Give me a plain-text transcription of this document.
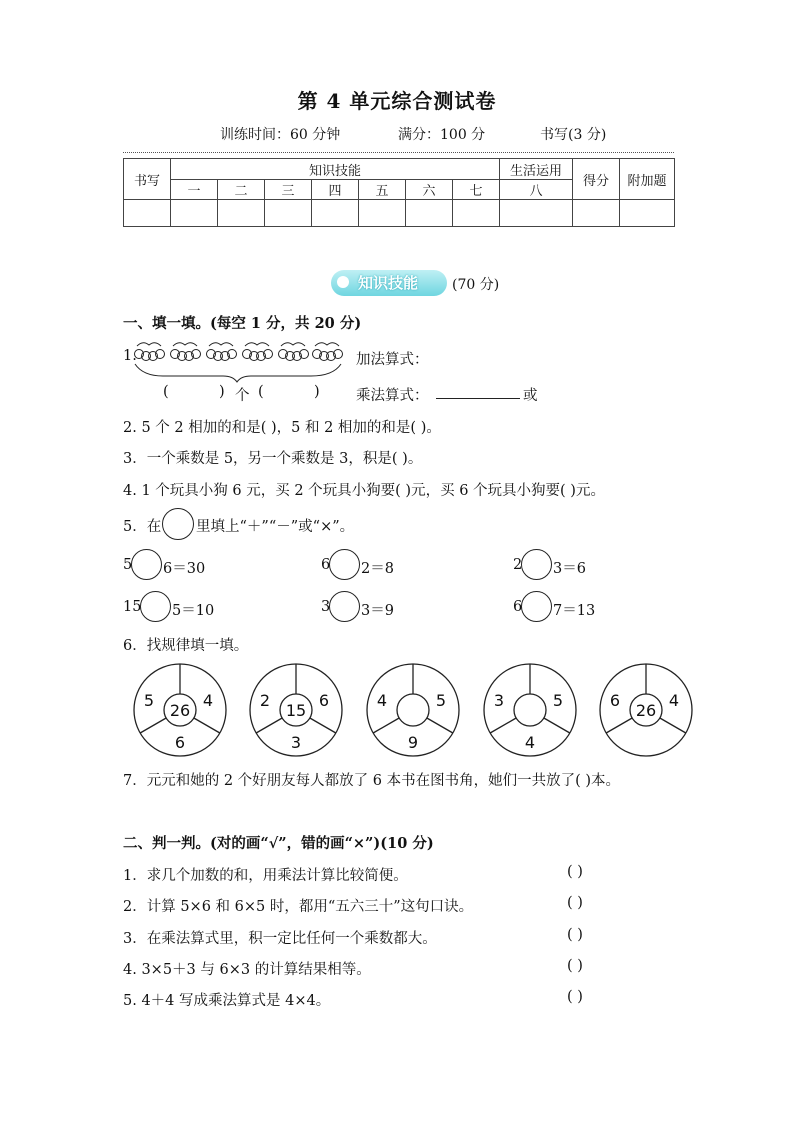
第 4 单元综合测试卷
训练时间：60 分钟	满分：100 分	书写(3 分)
书写	知识技能							生活运用	得分	附加题
	一	二	三	四	五	六	七	八		

知识技能 (70 分)
一、填一填。(每空 1 分，共 20 分)
1.	加法算式：
(	) 个 (	)	乘法算式：	或
2. 5 个 2 相加的和是( )，5 和 2 相加的和是( )。
3．一个乘数是 5，另一个乘数是 3，积是( )。
4. 1 个玩具小狗 6 元，买 2 个玩具小狗要( )元，买 6 个玩具小狗要( )元。
5．在 里填上“＋”“－”或“×”。
5 6＝30	6 2＝8	2 3＝6
15 5＝10	3 3＝9	6 7＝13
6．找规律填一填。
5	4
6
26
2	6
3
15
4	5
9
3	5
4
6	4
26
7．元元和她的 2 个好朋友每人都放了 6 本书在图书角，她们一共放了( )本。
二、判一判。(对的画“√”，错的画“×”)(10 分)
1．求几个加数的和，用乘法计算比较简便。	( )
2．计算 5×6 和 6×5 时，都用“五六三十”这句口诀。	( )
3．在乘法算式里，积一定比任何一个乘数都大。	( )
4. 3×5＋3 与 6×3 的计算结果相等。	( )
5. 4＋4 写成乘法算式是 4×4。	( )
